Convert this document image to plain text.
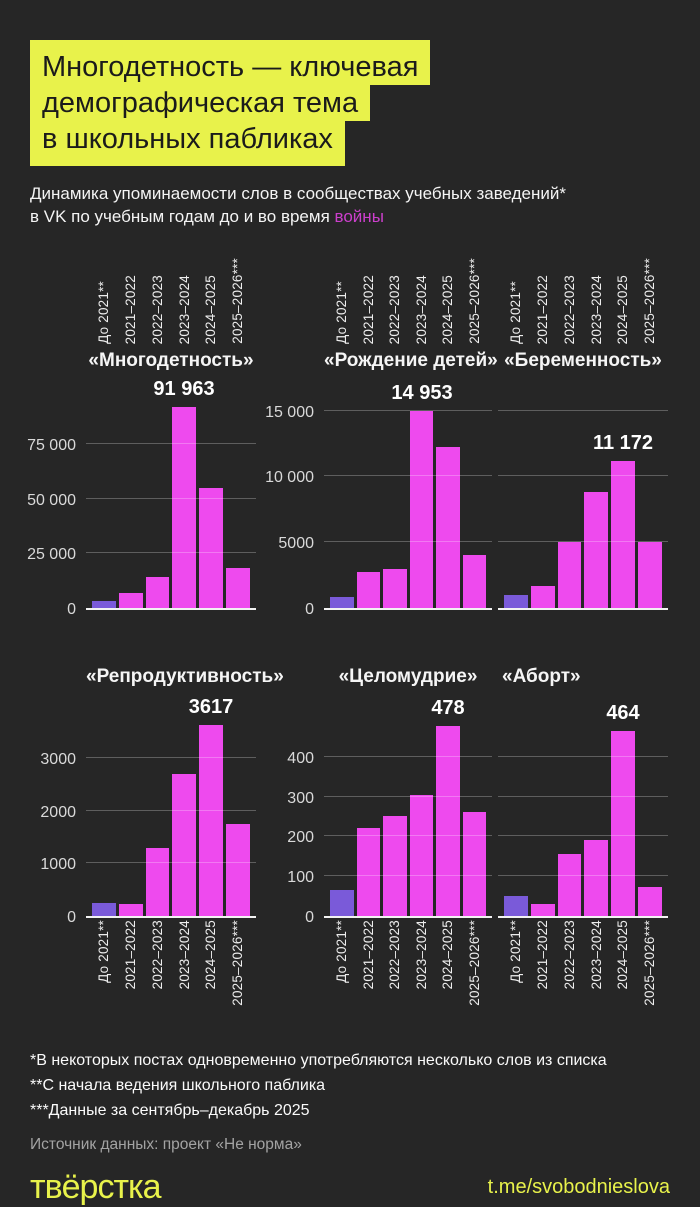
Многодетность — ключевая
демографическая тема
в школьных пабликах

Динамика упоминаемости слов в сообществах учебных заведений*
в VK по учебным годам до и во время войны

До 2021** 2021–2022 2022–2023 2023–2024 2024–2025 2025–2026***
«Многодетность»
0
25 000
50 000
75 000
91 963
До 2021** 2021–2022 2022–2023 2023–2024 2024–2025 2025–2026***
«Рождение детей»
0
5000
10 000
15 000
14 953
До 2021** 2021–2022 2022–2023 2023–2024 2024–2025 2025–2026***
«Беременность»
11 172
«Репродуктивность»
0
1000
2000
3000
3617
До 2021** 2021–2022 2022–2023 2023–2024 2024–2025 2025–2026***
«Целомудрие»
0
100
200
300
400
478
До 2021** 2021–2022 2022–2023 2023–2024 2024–2025 2025–2026***
«Аборт»
464
До 2021** 2021–2022 2022–2023 2023–2024 2024–2025 2025–2026***
*В некоторых постах одновременно употребляются несколько слов из списка
**С начала ведения школьного паблика
***Данные за сентябрь–декабрь 2025
Источник данных: проект «Не норма»
твёрстка	t.me/svobodnieslova
